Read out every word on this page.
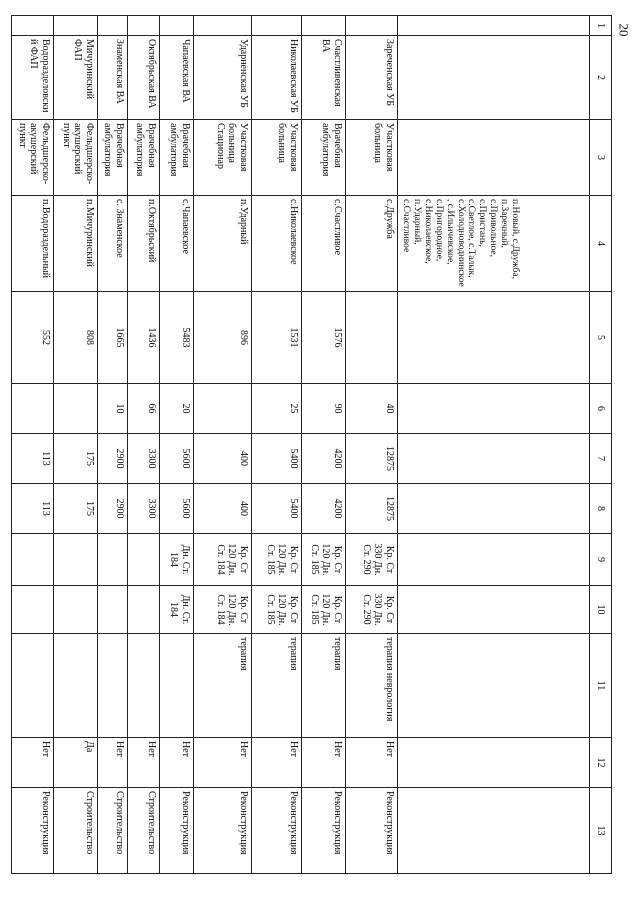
20
1	2	3	4	5	6	7	8	9	10	11	12	13
			п.Новый, с.Дружба, п.Заречный, с.Привольное, с.Пристань, с.Светлое, с.Талык, с.Холодноводнинское, с.Ильичевское, с.Пригородное, с.Николаевское, п.Ударный, с.Счастливое									
	Зареченская УБ	Участковая больница	с.Дружба		40	12875	12875	Кр. Ст 330 Дн. Ст. 290	Кр. Ст 330 Дн. Ст. 290	терапия неврология	Нет	Реконструкция
	Счастливенская ВА	Врачебная амбулатория	с.Счастливое	1576	90	4200	4200	Кр. Ст 120 Дн. Ст. 185	Кр. Ст 120 Дн. Ст. 185	терапия	Нет	Реконструкция
	Николаевская УБ	Участковая больница	с.Николаевское	1531	25	5400	5400	Кр. Ст 120 Дн. Ст. 185	Кр. Ст 120 Дн. Ст. 185	терапия	Нет	Реконструкция
	Ударненская УБ	Участковая больница Стационар	п.Ударный	896		400	400	Кр. Ст 120 Дн. Ст. 184	Кр. Ст 120 Дн. Ст. 184	терапия	Нет	Реконструкция
	Чапаевская ВА	Врачебная амбулатория	с.Чапаевское	5483	20	5600	5600	Дн. Ст. 184	Дн. Ст. 184		Нет	Реконструкция
	Октябрьская ВА	Врачебная амбулатория	п.Октябрьский	1436	66	3300	3300				Нет	Строительство
	Знаменская ВА	Врачебная амбулатория	с. Знаменское	1665	10	2900	2900				Нет	Строительство
	Мичуринский ФАП	Фельдшерско-акушерский пункт	п.Мичуринский	808		175	175				Да	Строительство
	Водоразделовский ФАП	Фельдшерско-акушерский пункт	п.Водораздельный	552		113	113				Нет	Реконструкция
